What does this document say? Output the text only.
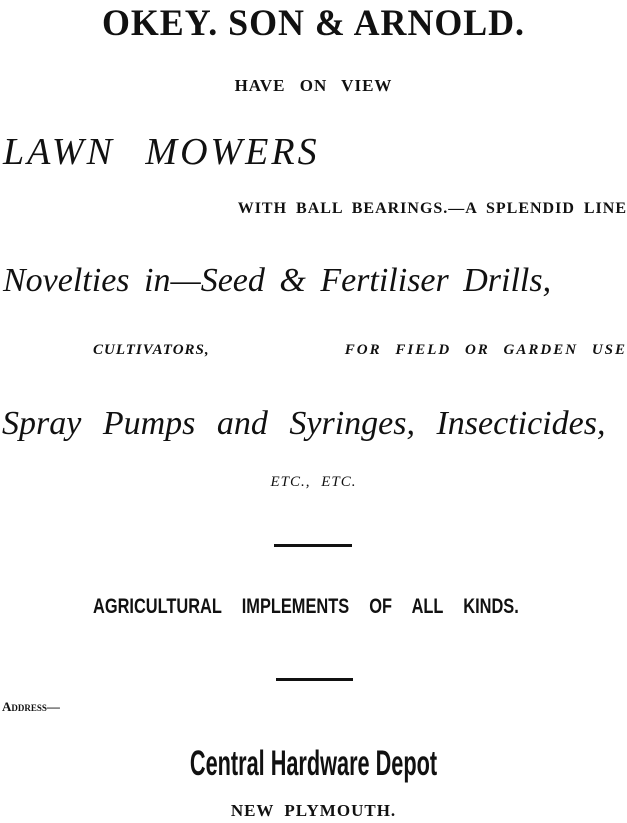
OKEY. SON & ARNOLD.
HAVE ON VIEW
LAWN MOWERS
WITH BALL BEARINGS.—A SPLENDID LINE
Novelties in—Seed & Fertiliser Drills,
CULTIVATORS,	FOR FIELD OR GARDEN USE
Spray Pumps and Syringes, Insecticides,
ETC., ETC.
AGRICULTURAL IMPLEMENTS OF ALL KINDS.
Address—
Central Hardware Depot
NEW PLYMOUTH.
